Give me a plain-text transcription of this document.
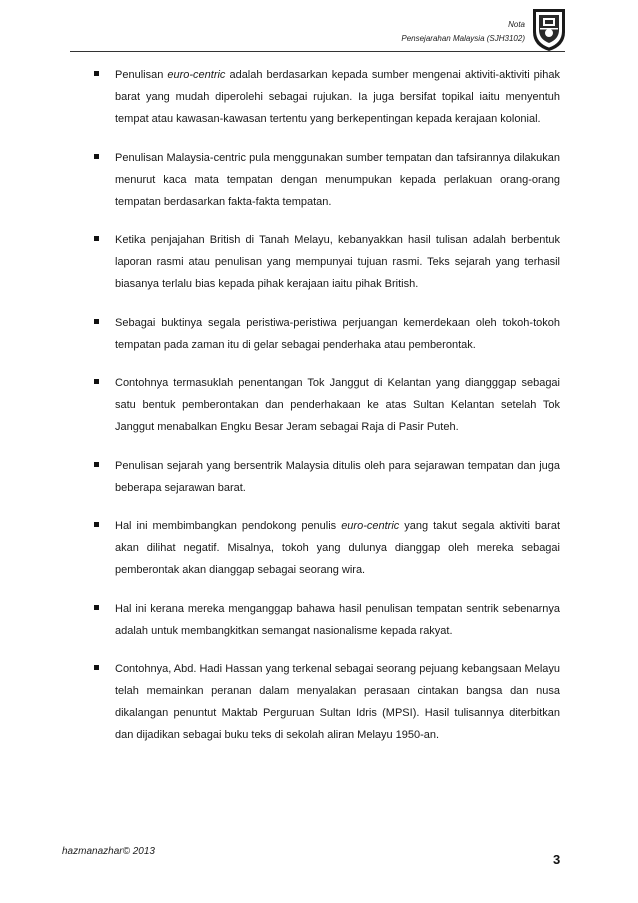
Nota
Pensejarahan Malaysia (SJH3102)

Penulisan euro-centric adalah berdasarkan kepada sumber mengenai aktiviti-aktiviti pihak barat yang mudah diperolehi sebagai rujukan. Ia juga bersifat topikal iaitu menyentuh tempat atau kawasan-kawasan tertentu yang berkepentingan kepada kerajaan kolonial.

Penulisan Malaysia-centric pula menggunakan sumber tempatan dan tafsirannya dilakukan menurut kaca mata tempatan dengan menumpukan kepada perlakuan orang-orang tempatan berdasarkan fakta-fakta tempatan.

Ketika penjajahan British di Tanah Melayu, kebanyakkan hasil tulisan adalah berbentuk laporan rasmi atau penulisan yang mempunyai tujuan rasmi. Teks sejarah yang terhasil biasanya terlalu bias kepada pihak kerajaan iaitu pihak British.

Sebagai buktinya segala peristiwa-peristiwa perjuangan kemerdekaan oleh tokoh-tokoh tempatan pada zaman itu di gelar sebagai penderhaka atau pemberontak.

Contohnya termasuklah penentangan Tok Janggut di Kelantan yang diangggap sebagai satu bentuk pemberontakan dan penderhakaan ke atas Sultan Kelantan setelah Tok Janggut menabalkan Engku Besar Jeram sebagai Raja di Pasir Puteh.

Penulisan sejarah yang bersentrik Malaysia ditulis oleh para sejarawan tempatan dan juga beberapa sejarawan barat.

Hal ini membimbangkan pendokong penulis euro-centric yang takut segala aktiviti barat akan dilihat negatif. Misalnya, tokoh yang dulunya dianggap oleh mereka sebagai pemberontak akan dianggap sebagai seorang wira.

Hal ini kerana mereka menganggap bahawa hasil penulisan tempatan sentrik sebenarnya adalah untuk membangkitkan semangat nasionalisme kepada rakyat.

Contohnya, Abd. Hadi Hassan yang terkenal sebagai seorang pejuang kebangsaan Melayu telah memainkan peranan dalam menyalakan perasaan cintakan bangsa dan nusa dikalangan penuntut Maktab Perguruan Sultan Idris (MPSI). Hasil tulisannya diterbitkan dan dijadikan sebagai buku teks di sekolah aliran Melayu 1950-an.

hazmanazhar© 2013
3
